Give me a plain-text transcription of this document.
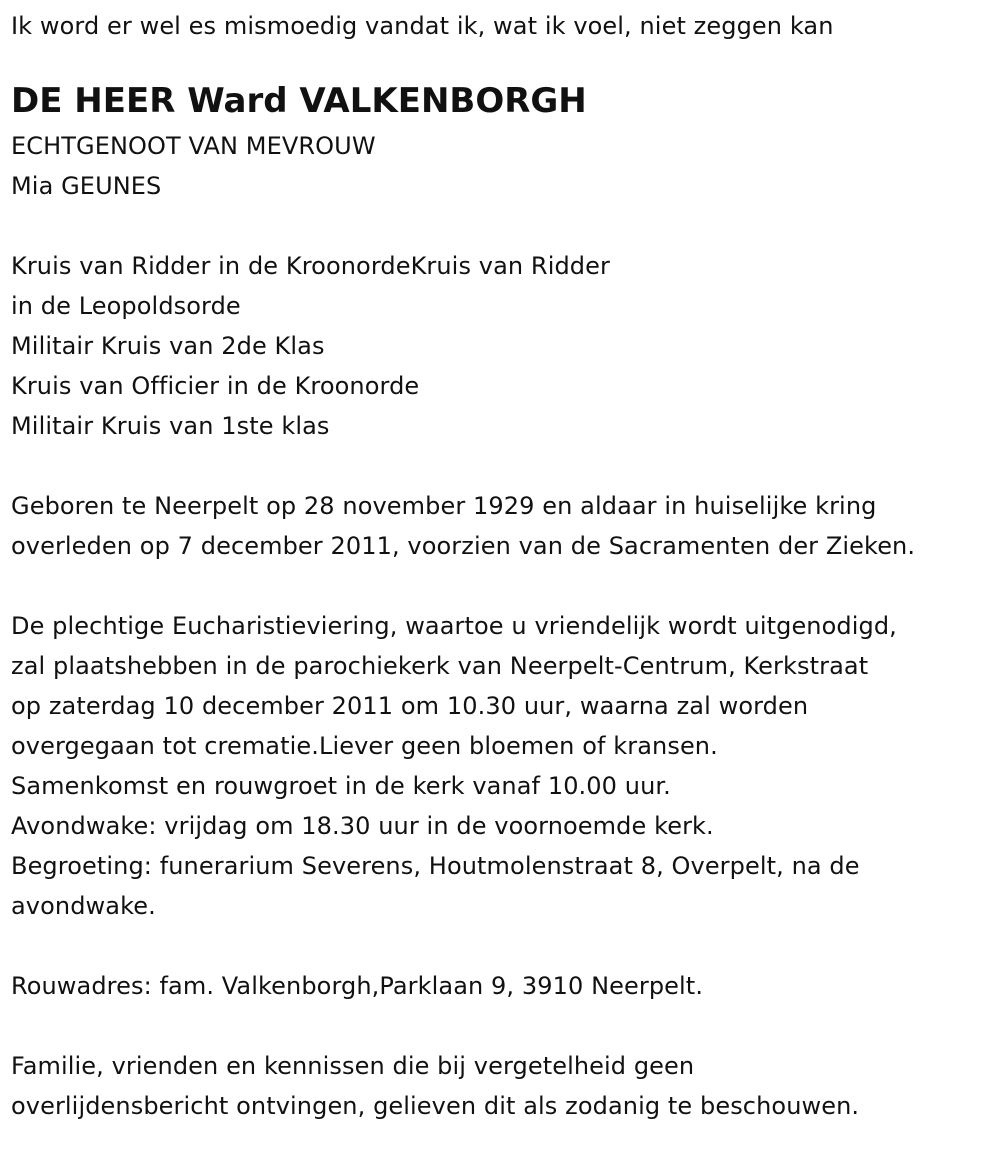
Ik word er wel es mismoedig vandat ik, wat ik voel, niet zeggen kan
DE HEER Ward VALKENBORGH
ECHTGENOOT VAN MEVROUW
Mia GEUNES
Kruis van Ridder in de KroonordeKruis van Ridder
in de Leopoldsorde
Militair Kruis van 2de Klas
Kruis van Officier in de Kroonorde
Militair Kruis van 1ste klas
Geboren te Neerpelt op 28 november 1929 en aldaar in huiselijke kring
overleden op 7 december 2011, voorzien van de Sacramenten der Zieken.
De plechtige Eucharistieviering, waartoe u vriendelijk wordt uitgenodigd,
zal plaatshebben in de parochiekerk van Neerpelt-Centrum, Kerkstraat
op zaterdag 10 december 2011 om 10.30 uur, waarna zal worden
overgegaan tot crematie.Liever geen bloemen of kransen.
Samenkomst en rouwgroet in de kerk vanaf 10.00 uur.
Avondwake: vrijdag om 18.30 uur in de voornoemde kerk.
Begroeting: funerarium Severens, Houtmolenstraat 8, Overpelt, na de
avondwake.
Rouwadres: fam. Valkenborgh,Parklaan 9, 3910 Neerpelt.
Familie, vrienden en kennissen die bij vergetelheid geen
overlijdensbericht ontvingen, gelieven dit als zodanig te beschouwen.
